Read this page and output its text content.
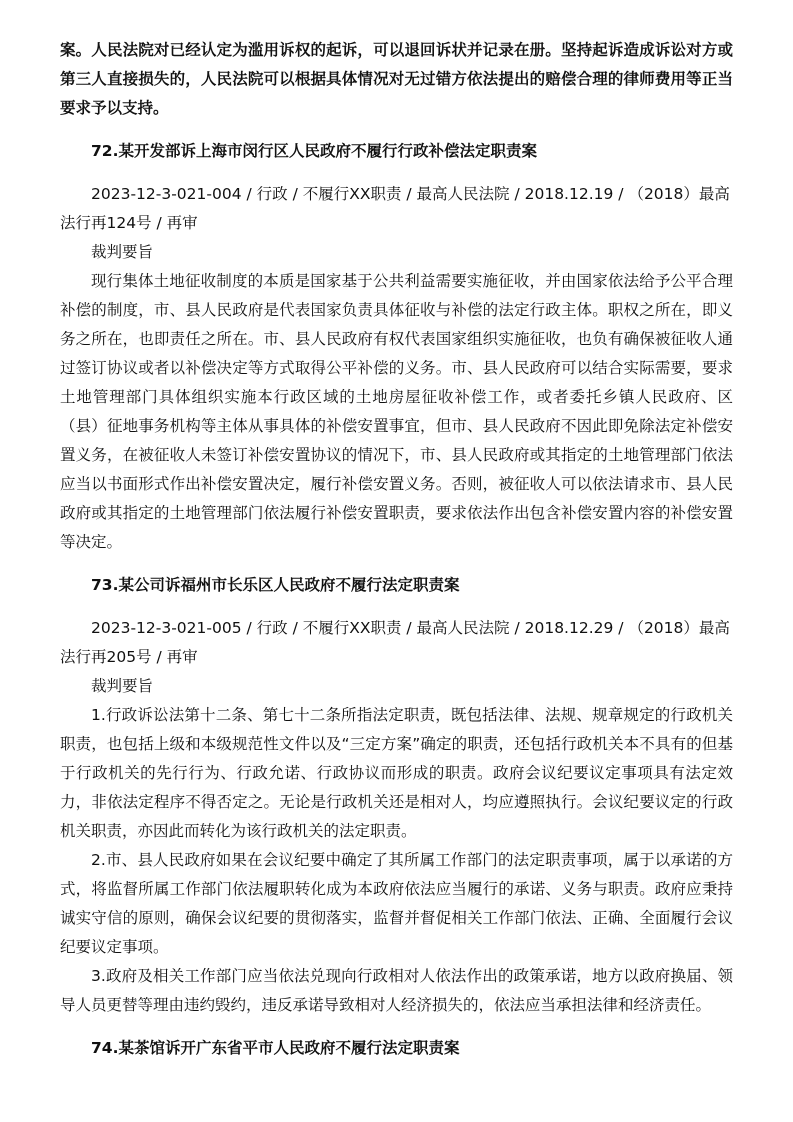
案。人民法院对已经认定为滥用诉权的起诉，可以退回诉状并记录在册。坚持起诉造成诉讼对方或第三人直接损失的，人民法院可以根据具体情况对无过错方依法提出的赔偿合理的律师费用等正当要求予以支持。

72.某开发部诉上海市闵行区人民政府不履行行政补偿法定职责案

2023-12-3-021-004 / 行政 / 不履行XX职责 / 最高人民法院 / 2018.12.19 / （2018）最高法行再124号 / 再审

裁判要旨

现行集体土地征收制度的本质是国家基于公共利益需要实施征收，并由国家依法给予公平合理补偿的制度，市、县人民政府是代表国家负责具体征收与补偿的法定行政主体。职权之所在，即义务之所在，也即责任之所在。市、县人民政府有权代表国家组织实施征收，也负有确保被征收人通过签订协议或者以补偿决定等方式取得公平补偿的义务。市、县人民政府可以结合实际需要，要求土地管理部门具体组织实施本行政区域的土地房屋征收补偿工作，或者委托乡镇人民政府、区（县）征地事务机构等主体从事具体的补偿安置事宜，但市、县人民政府不因此即免除法定补偿安置义务，在被征收人未签订补偿安置协议的情况下，市、县人民政府或其指定的土地管理部门依法应当以书面形式作出补偿安置决定，履行补偿安置义务。否则，被征收人可以依法请求市、县人民政府或其指定的土地管理部门依法履行补偿安置职责，要求依法作出包含补偿安置内容的补偿安置等决定。

73.某公司诉福州市长乐区人民政府不履行法定职责案

2023-12-3-021-005 / 行政 / 不履行XX职责 / 最高人民法院 / 2018.12.29 / （2018）最高法行再205号 / 再审

裁判要旨

1.行政诉讼法第十二条、第七十二条所指法定职责，既包括法律、法规、规章规定的行政机关职责，也包括上级和本级规范性文件以及“三定方案”确定的职责，还包括行政机关本不具有的但基于行政机关的先行行为、行政允诺、行政协议而形成的职责。政府会议纪要议定事项具有法定效力，非依法定程序不得否定之。无论是行政机关还是相对人，均应遵照执行。会议纪要议定的行政机关职责，亦因此而转化为该行政机关的法定职责。

2.市、县人民政府如果在会议纪要中确定了其所属工作部门的法定职责事项，属于以承诺的方式，将监督所属工作部门依法履职转化成为本政府依法应当履行的承诺、义务与职责。政府应秉持诚实守信的原则，确保会议纪要的贯彻落实，监督并督促相关工作部门依法、正确、全面履行会议纪要议定事项。

3.政府及相关工作部门应当依法兑现向行政相对人依法作出的政策承诺，地方以政府换届、领导人员更替等理由违约毁约，违反承诺导致相对人经济损失的，依法应当承担法律和经济责任。

74.某茶馆诉开广东省平市人民政府不履行法定职责案
